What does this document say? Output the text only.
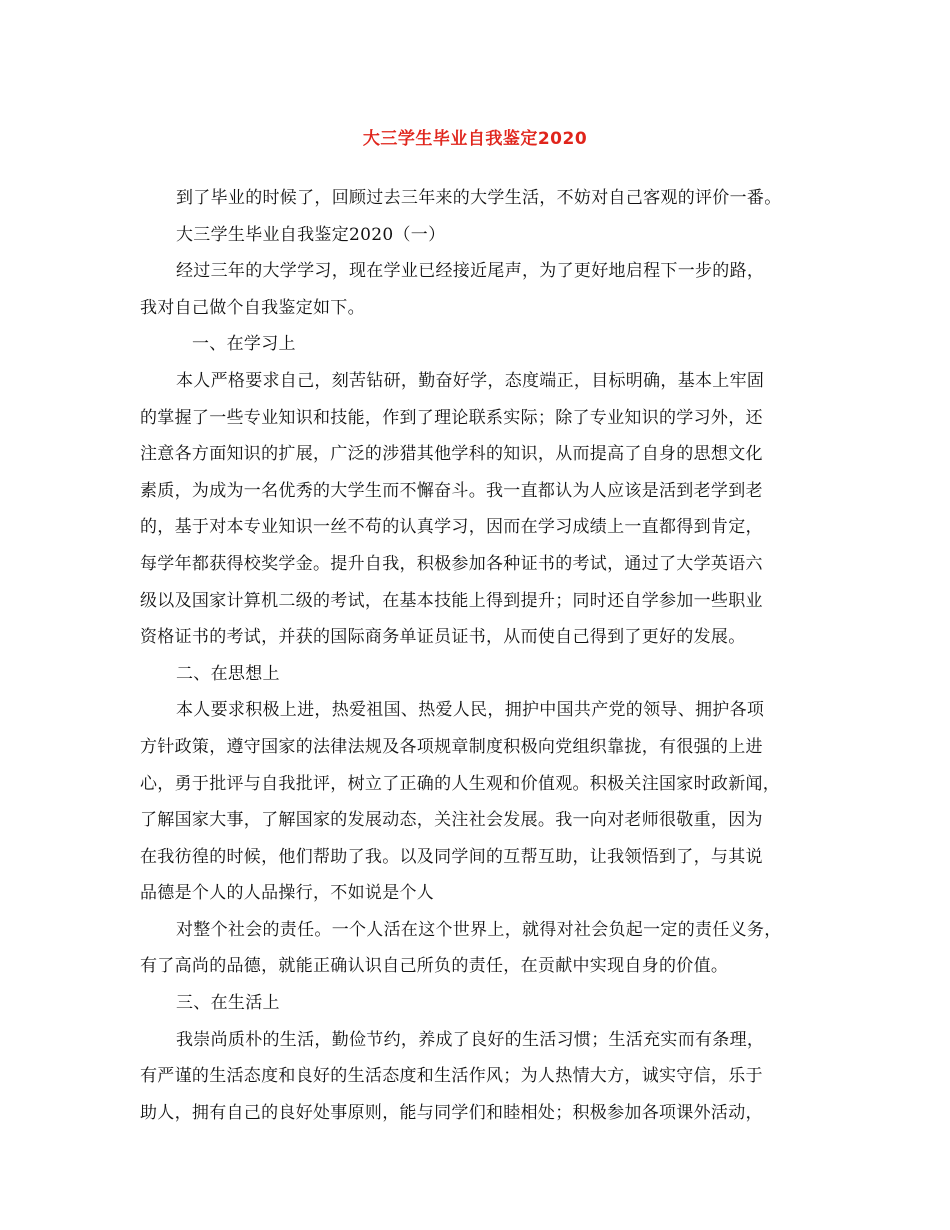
大三学生毕业自我鉴定2020
到了毕业的时候了，回顾过去三年来的大学生活，不妨对自己客观的评价一番。
大三学生毕业自我鉴定2020（一）
经过三年的大学学习，现在学业已经接近尾声，为了更好地启程下一步的路，
我对自己做个自我鉴定如下。
一、在学习上
本人严格要求自己，刻苦钻研，勤奋好学，态度端正，目标明确，基本上牢固
的掌握了一些专业知识和技能，作到了理论联系实际；除了专业知识的学习外，还
注意各方面知识的扩展，广泛的涉猎其他学科的知识，从而提高了自身的思想文化
素质，为成为一名优秀的大学生而不懈奋斗。我一直都认为人应该是活到老学到老
的，基于对本专业知识一丝不苟的认真学习，因而在学习成绩上一直都得到肯定，
每学年都获得校奖学金。提升自我，积极参加各种证书的考试，通过了大学英语六
级以及国家计算机二级的考试，在基本技能上得到提升；同时还自学参加一些职业
资格证书的考试，并获的国际商务单证员证书，从而使自己得到了更好的发展。
二、在思想上
本人要求积极上进，热爱祖国、热爱人民，拥护中国共产党的领导、拥护各项
方针政策，遵守国家的法律法规及各项规章制度积极向党组织靠拢，有很强的上进
心，勇于批评与自我批评，树立了正确的人生观和价值观。积极关注国家时政新闻，
了解国家大事，了解国家的发展动态，关注社会发展。我一向对老师很敬重，因为
在我彷徨的时候，他们帮助了我。以及同学间的互帮互助，让我领悟到了，与其说
品德是个人的人品操行，不如说是个人
对整个社会的责任。一个人活在这个世界上，就得对社会负起一定的责任义务，
有了高尚的品德，就能正确认识自己所负的责任，在贡献中实现自身的价值。
三、在生活上
我崇尚质朴的生活，勤俭节约，养成了良好的生活习惯；生活充实而有条理，
有严谨的生活态度和良好的生活态度和生活作风；为人热情大方，诚实守信，乐于
助人，拥有自己的良好处事原则，能与同学们和睦相处；积极参加各项课外活动，
